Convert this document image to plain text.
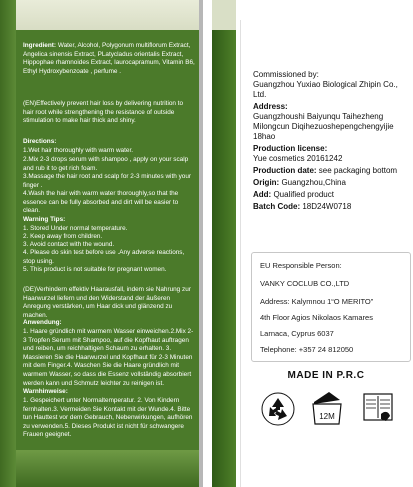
Ingredient: Water, Alcohol, Polygonum multiflorum Extract, Angelica sinensis Extract, PLatycladus orientalis Extract, Hippophae rhamnoides Extract, laurocapramum, Vitamin B6, Ethyl Hydroxybenzoate , perfume .
(EN)Effectively prevent hair loss by delivering nutrition to hair root while strengthening the resistance of outside stimulation to make hair thick and shiny.
Directions:
1.Wet hair thoroughly with warm water.
2.Mix 2-3 drops serum with shampoo , apply on your scalp and rub it to get rich foam.
3.Massage the hair root and scalp for 2-3 minutes with your finger .
4.Wash the hair with warm water thoroughly,so that the essence can be fully absorbed and dirt will be easier to clean.
Warning Tips:
1. Stored Under normal temperature.
2. Keep away from children.
3. Avoid contact with the wound.
4. Please do skin test before use .Any adverse reactions, stop using.
5. This product is not suitable for pregnant women.
(DE)Verhindern effektiv Haarausfall, indem sie Nahrung zur Haarwurzel liefern und den Widerstand der äußeren Anregung verstärken, um Haar dick und glänzend zu machen.
Anwendung:
1. Haare gründlich mit warmem Wasser einweichen.2.Mix 2-3 Tropfen Serum mit Shampoo, auf die Kopfhaut auftragen und reiben, um reichhaltigen Schaum zu erhalten. 3. Massieren Sie die Haarwurzel und Kopfhaut für 2-3 Minuten mit dem Finger.4. Waschen Sie die Haare gründlich mit warmem Wasser, so dass die Essenz vollständig absorbiert werden kann und Schmutz leichter zu reinigen ist.
Warnhinweise:
1. Gespeichert unter Normaltemperatur. 2. Von Kindern fernhalten.3. Vermeiden Sie Kontakt mit der Wunde.4. Bitte tun Hauttest vor dem Gebrauch, Nebenwirkungen, aufhören zu verwenden.5. Dieses Produkt ist nicht für schwangere Frauen geeignet.
Commissioned by:
Guangzhou Yuxiao Biological Zhipin Co., Ltd.
Address:
Guangzhoushi Baiyunqu Taihezheng Milongcun Diqihezuoshepengchengyijie 18hao
Production license:
Yue cosmetics 20161242
Production date: see packaging bottom
Origin: Guangzhou,China
Add: Qualified product
Batch Code: 18D24W0718
EU Responsible Person:
VANKY COCLUB CO.,LTD
Address: Kalymnou 1“O MERITO”
4th Floor Agios Nikolaos Kamares
Larnaca, Cyprus 6037
Telephone: +357 24 812050
MADE IN P.R.C
12M
